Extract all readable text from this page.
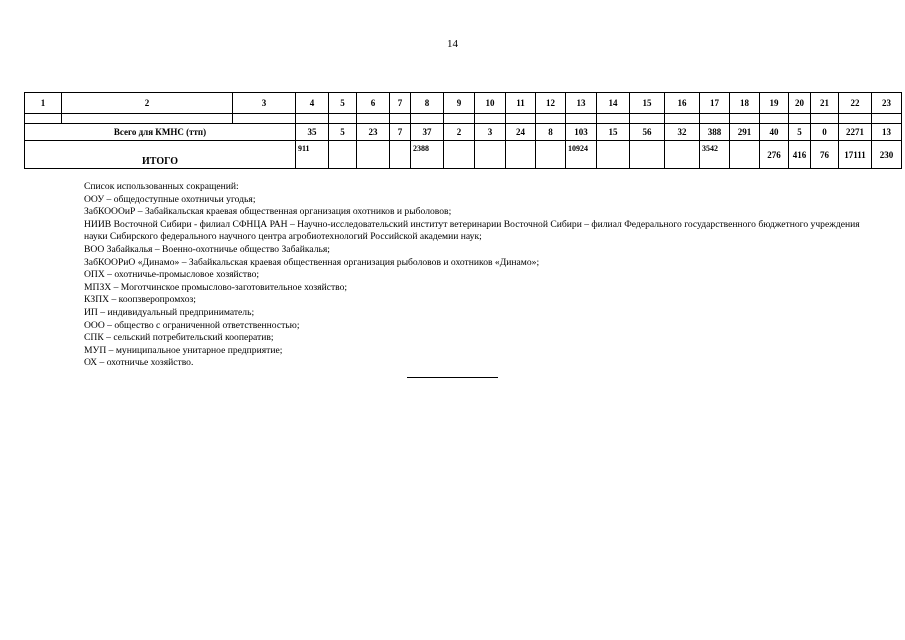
14
1	2	3	4	5	6	7	8	9	10	11	12	13	14	15	16	17	18	19	20	21	22	23

Всего для КМНС (ттп)			35	5	23	7	37	2	3	24	8	103	15	56	32	388	291	40	5	0	2271	13
ИТОГО			911				2388					10924				3542		276	416	76	17111	230
Список использованных сокращений:
ООУ – общедоступные охотничьи угодья;
ЗабКОООиР – Забайкальская краевая общественная организация охотников и рыболовов;
НИИВ Восточной Сибири - филиал СФНЦА РАН – Научно-исследовательский институт ветеринарии Восточной Сибири – филиал Федерального государственного бюджетного учреждения науки Сибирского федерального научного центра агробиотехнологий Российской академии наук;
ВОО Забайкалья – Военно-охотничье общество Забайкалья;
ЗабКООРиО «Динамо» – Забайкальская краевая общественная организация рыболовов и охотников «Динамо»;
ОПХ – охотничье-промысловое хозяйство;
МПЗХ – Моготчинское промыслово-заготовительное хозяйство;
КЗПХ – коопзверопромхоз;
ИП – индивидуальный предприниматель;
ООО – общество с ограниченной ответственностью;
СПК – сельский потребительский кооператив;
МУП – муниципальное унитарное предприятие;
ОХ – охотничье хозяйство.
